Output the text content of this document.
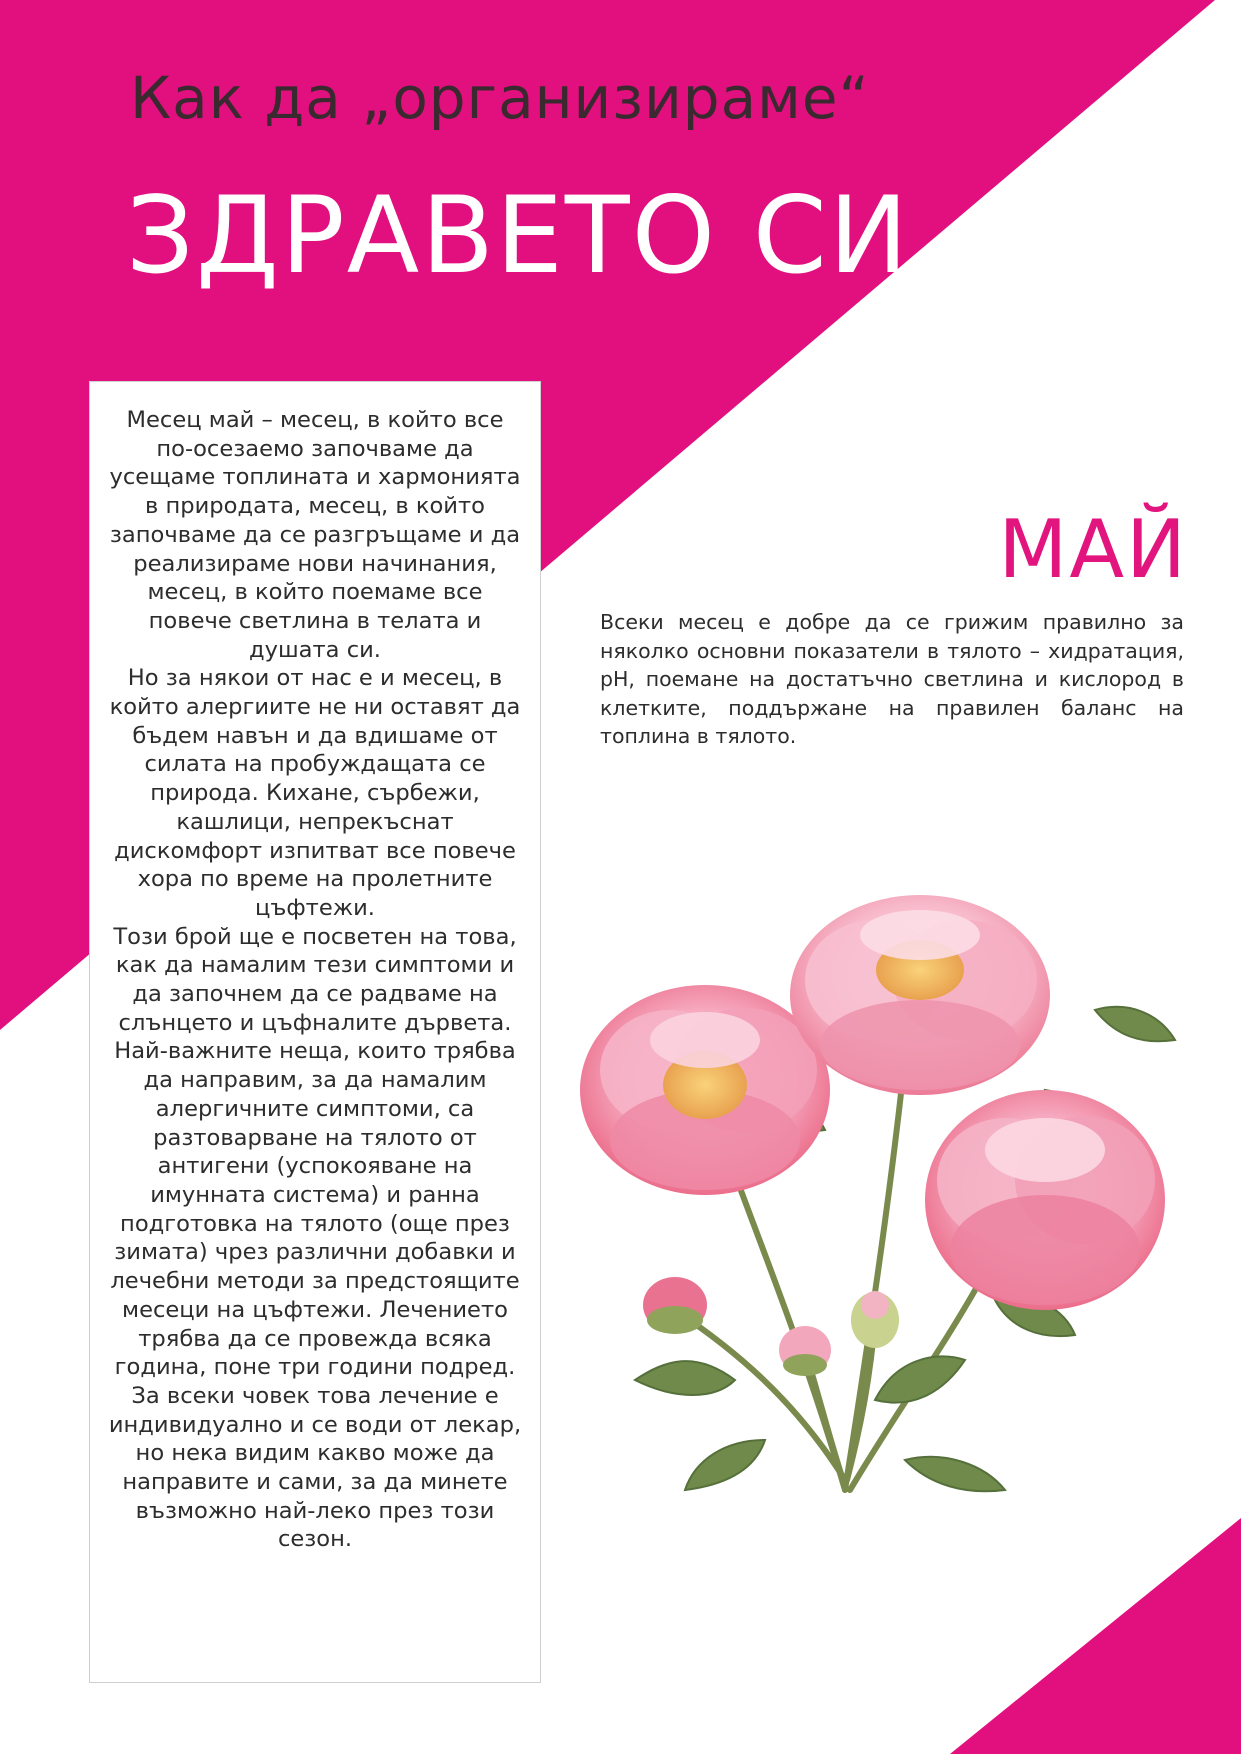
Как да „организираме“
ЗДРАВЕТО СИ

Месец май – месец, в който все по-осезаемо започваме да усещаме топлината и хармонията в природата, месец, в който започваме да се разгръщаме и да реализираме нови начинания, месец, в който поемаме все повече светлина в телата и душата си.

Но за някои от нас е и месец, в който алергиите не ни оставят да бъдем навън и да вдишаме от силата на пробуждащата се природа. Кихане, сърбежи, кашлици, непрекъснат дискомфорт изпитват все повече хора по време на пролетните цъфтежи.

Този брой ще е посветен на това, как да намалим тези симптоми и да започнем да се радваме на слънцето и цъфналите дървета.

Най-важните неща, които трябва да направим, за да намалим алергичните симптоми, са разтоварване на тялото от антигени (успокояване на имунната система) и ранна подготовка на тялото (още през зимата) чрез различни добавки и лечебни методи за предстоящите месеци на цъфтежи. Лечението трябва да се провежда всяка година, поне три години подред. За всеки човек това лечение е индивидуално и се води от лекар, но нека видим какво може да направите и сами, за да минете възможно най-леко през този сезон.

МАЙ
Всеки месец е добре да се грижим правилно за няколко основни показатели в тялото – хидратация, pH, поемане на достатъчно светлина и кислород в клетките, поддържане на правилен баланс на топлина в тялото.
